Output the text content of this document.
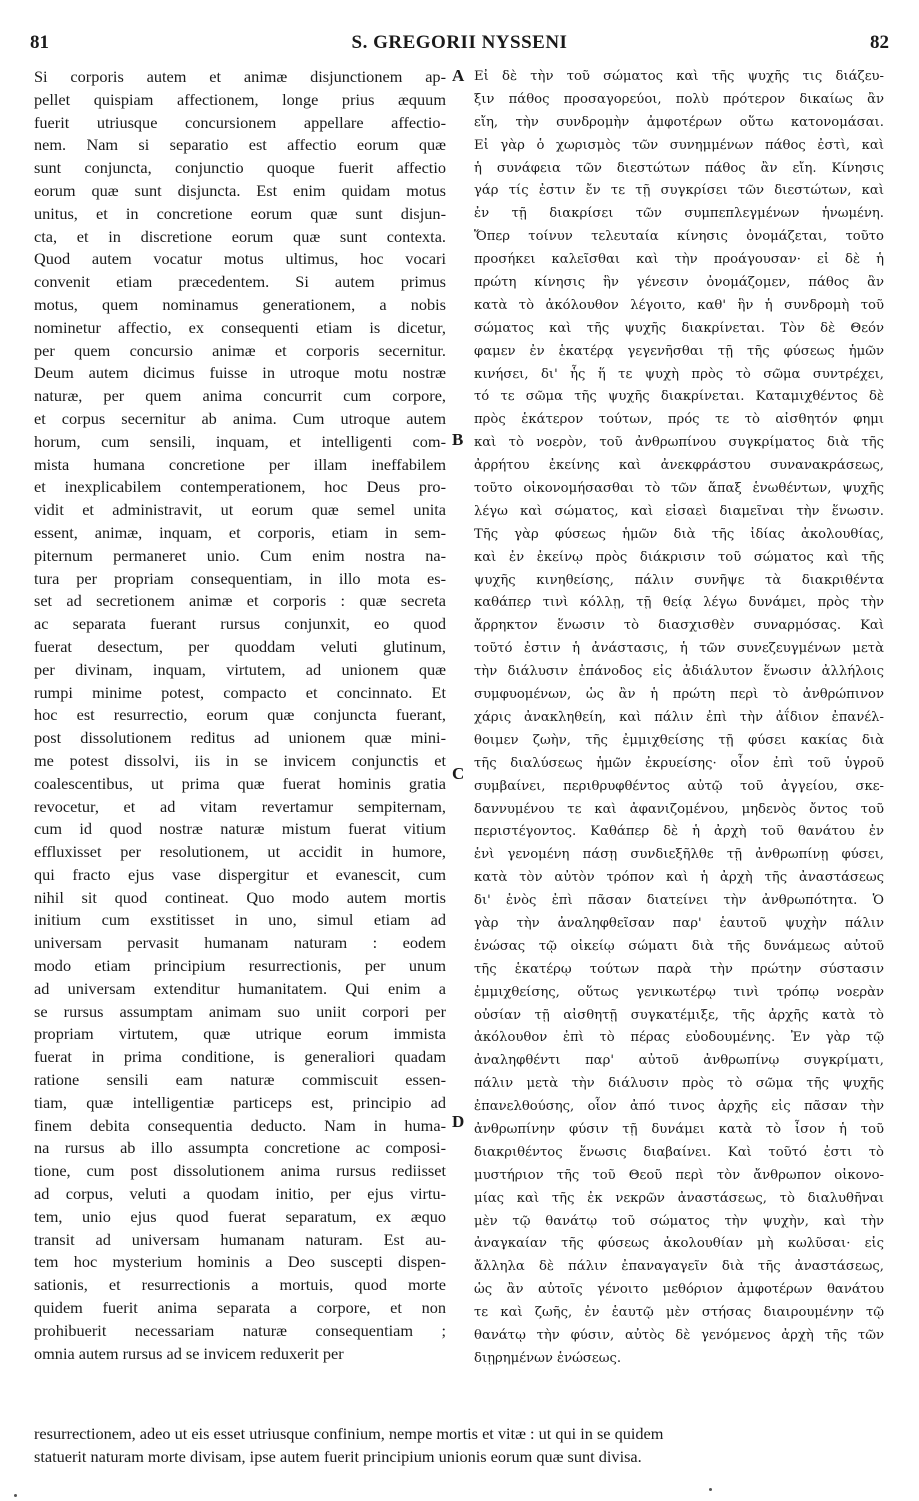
81	S. GREGORII NYSSENI	82
Si corporis autem et animæ disjunctionem ap-
pellet quispiam affectionem, longe prius æquum
fuerit utriusque concursionem appellare affectio-
nem. Nam si separatio est affectio eorum quæ
sunt conjuncta, conjunctio quoque fuerit affectio
eorum quæ sunt disjuncta. Est enim quidam motus
unitus, et in concretione eorum quæ sunt disjun-
cta, et in discretione eorum quæ sunt contexta.
Quod autem vocatur motus ultimus, hoc vocari
convenit etiam præcedentem. Si autem primus
motus, quem nominamus generationem, a nobis
nominetur affectio, ex consequenti etiam is dicetur,
per quem concursio animæ et corporis secernitur.
Deum autem dicimus fuisse in utroque motu nostræ
naturæ, per quem anima concurrit cum corpore,
et corpus secernitur ab anima. Cum utroque autem
horum, cum sensili, inquam, et intelligenti com-
mista humana concretione per illam ineffabilem
et inexplicabilem contemperationem, hoc Deus pro-
vidit et administravit, ut eorum quæ semel unita
essent, animæ, inquam, et corporis, etiam in sem-
piternum permaneret unio. Cum enim nostra na-
tura per propriam consequentiam, in illo mota es-
set ad secretionem animæ et corporis : quæ secreta
ac separata fuerant rursus conjunxit, eo quod
fuerat desectum, per quoddam veluti glutinum,
per divinam, inquam, virtutem, ad unionem quæ
rumpi minime potest, compacto et concinnato. Et
hoc est resurrectio, eorum quæ conjuncta fuerant,
post dissolutionem reditus ad unionem quæ mini-
me potest dissolvi, iis in se invicem conjunctis et
coalescentibus, ut prima quæ fuerat hominis gratia
revocetur, et ad vitam revertamur sempiternam,
cum id quod nostræ naturæ mistum fuerat vitium
effluxisset per resolutionem, ut accidit in humore,
qui fracto ejus vase dispergitur et evanescit, cum
nihil sit quod contineat. Quo modo autem mortis
initium cum exstitisset in uno, simul etiam ad
universam pervasit humanam naturam : eodem
modo etiam principium resurrectionis, per unum
ad universam extenditur humanitatem. Qui enim a
se rursus assumptam animam suo uniit corpori per
propriam virtutem, quæ utrique eorum immista
fuerat in prima conditione, is generaliori quadam
ratione sensili eam naturæ commiscuit essen-
tiam, quæ intelligentiæ particeps est, principio ad
finem debita consequentia deducto. Nam in huma-
na rursus ab illo assumpta concretione ac composi-
tione, cum post dissolutionem anima rursus rediisset
ad corpus, veluti a quodam initio, per ejus virtu-
tem, unio ejus quod fuerat separatum, ex æquo
transit ad universam humanam naturam. Est au-
tem hoc mysterium hominis a Deo suscepti dispen-
sationis, et resurrectionis a mortuis, quod morte
quidem fuerit anima separata a corpore, et non
prohibuerit necessariam naturæ consequentiam ;
omnia autem rursus ad se invicem reduxerit per
Εἰ δὲ τὴν τοῦ σώματος καὶ τῆς ψυχῆς τις διάζευ-
ξιν πάθος προσαγορεύοι, πολὺ πρότερον δικαίως ἂν
εἴη, τὴν συνδρομὴν ἀμφοτέρων οὕτω κατονομάσαι.
Εἰ γὰρ ὁ χωρισμὸς τῶν συνημμένων πάθος ἐστὶ, καὶ
ἡ συνάφεια τῶν διεστώτων πάθος ἂν εἴη. Κίνησις
γάρ τίς ἐστιν ἔν τε τῇ συγκρίσει τῶν διεστώτων, καὶ
ἐν τῇ διακρίσει τῶν συμπεπλεγμένων ἡνωμένη.
Ὅπερ τοίνυν τελευταία κίνησις ὀνομάζεται, τοῦτο
προσήκει καλεῖσθαι καὶ τὴν προάγουσαν· εἰ δὲ ἡ
πρώτη κίνησις ἣν γένεσιν ὀνομάζομεν, πάθος ἂν
κατὰ τὸ ἀκόλουθον λέγοιτο, καθ' ἣν ἡ συνδρομὴ τοῦ
σώματος καὶ τῆς ψυχῆς διακρίνεται. Τὸν δὲ Θεόν
φαμεν ἐν ἑκατέρᾳ γεγενῆσθαι τῇ τῆς φύσεως ἡμῶν
κινήσει, δι' ἧς ἥ τε ψυχὴ πρὸς τὸ σῶμα συντρέχει,
τό τε σῶμα τῆς ψυχῆς διακρίνεται. Καταμιχθέντος δὲ
πρὸς ἑκάτερον τούτων, πρός τε τὸ αἰσθητόν φημι
καὶ τὸ νοερὸν, τοῦ ἀνθρωπίνου συγκρίματος διὰ τῆς
ἀρρήτου ἐκείνης καὶ ἀνεκφράστου συνανακράσεως,
τοῦτο οἰκονομήσασθαι τὸ τῶν ἅπαξ ἑνωθέντων, ψυχῆς
λέγω καὶ σώματος, καὶ εἰσαεὶ διαμεῖναι τὴν ἕνωσιν.
Τῆς γὰρ φύσεως ἡμῶν διὰ τῆς ἰδίας ἀκολουθίας,
καὶ ἐν ἐκείνῳ πρὸς διάκρισιν τοῦ σώματος καὶ τῆς
ψυχῆς κινηθείσης, πάλιν συνῆψε τὰ διακριθέντα
καθάπερ τινὶ κόλλῃ, τῇ θείᾳ λέγω δυνάμει, πρὸς τὴν
ἄρρηκτον ἕνωσιν τὸ διασχισθὲν συναρμόσας. Καὶ
τοῦτό ἐστιν ἡ ἀνάστασις, ἡ τῶν συνεζευγμένων μετὰ
τὴν διάλυσιν ἐπάνοδος εἰς ἀδιάλυτον ἕνωσιν ἀλλήλοις
συμφυομένων, ὡς ἂν ἡ πρώτη περὶ τὸ ἀνθρώπινον
χάρις ἀνακληθείη, καὶ πάλιν ἐπὶ τὴν ἀΐδιον ἐπανέλ-
θοιμεν ζωὴν, τῆς ἐμμιχθείσης τῇ φύσει κακίας διὰ
τῆς διαλύσεως ἡμῶν ἐκρυείσης· οἷον ἐπὶ τοῦ ὑγροῦ
συμβαίνει, περιθρυφθέντος αὐτῷ τοῦ ἀγγείου, σκε-
δαννυμένου τε καὶ ἀφανιζομένου, μηδενὸς ὄντος τοῦ
περιστέγοντος. Καθάπερ δὲ ἡ ἀρχὴ τοῦ θανάτου ἐν
ἑνὶ γενομένη πάσῃ συνδιεξῆλθε τῇ ἀνθρωπίνῃ φύσει,
κατὰ τὸν αὐτὸν τρόπον καὶ ἡ ἀρχὴ τῆς ἀναστάσεως
δι' ἑνὸς ἐπὶ πᾶσαν διατείνει τὴν ἀνθρωπότητα. Ὁ
γὰρ τὴν ἀναληφθεῖσαν παρ' ἑαυτοῦ ψυχὴν πάλιν
ἑνώσας τῷ οἰκείῳ σώματι διὰ τῆς δυνάμεως αὐτοῦ
τῆς ἑκατέρῳ τούτων παρὰ τὴν πρώτην σύστασιν
ἐμμιχθείσης, οὕτως γενικωτέρῳ τινὶ τρόπῳ νοερὰν
οὐσίαν τῇ αἰσθητῇ συγκατέμιξε, τῆς ἀρχῆς κατὰ τὸ
ἀκόλουθον ἐπὶ τὸ πέρας εὐοδουμένης. Ἐν γὰρ τῷ
ἀναληφθέντι παρ' αὐτοῦ ἀνθρωπίνῳ συγκρίματι,
πάλιν μετὰ τὴν διάλυσιν πρὸς τὸ σῶμα τῆς ψυχῆς
ἐπανελθούσης, οἷον ἀπό τινος ἀρχῆς εἰς πᾶσαν τὴν
ἀνθρωπίνην φύσιν τῇ δυνάμει κατὰ τὸ ἶσον ἡ τοῦ
διακριθέντος ἕνωσις διαβαίνει. Καὶ τοῦτό ἐστι τὸ
μυστήριον τῆς τοῦ Θεοῦ περὶ τὸν ἄνθρωπον οἰκονο-
μίας καὶ τῆς ἐκ νεκρῶν ἀναστάσεως, τὸ διαλυθῆναι
μὲν τῷ θανάτῳ τοῦ σώματος τὴν ψυχὴν, καὶ τὴν
ἀναγκαίαν τῆς φύσεως ἀκολουθίαν μὴ κωλῦσαι· εἰς
ἄλληλα δὲ πάλιν ἐπαναγαγεῖν διὰ τῆς ἀναστάσεως,
ὡς ἂν αὐτοῖς γένοιτο μεθόριον ἀμφοτέρων θανάτου
τε καὶ ζωῆς, ἐν ἑαυτῷ μὲν στήσας διαιρουμένην τῷ
θανάτῳ τὴν φύσιν, αὐτὸς δὲ γενόμενος ἀρχὴ τῆς τῶν
διῃρημένων ἑνώσεως.
A
B
C
D
resurrectionem, adeo ut eis esset utriusque confinium, nempe mortis et vitæ : ut qui in se quidem
statuerit naturam morte divisam, ipse autem fuerit principium unionis eorum quæ sunt divisa.
